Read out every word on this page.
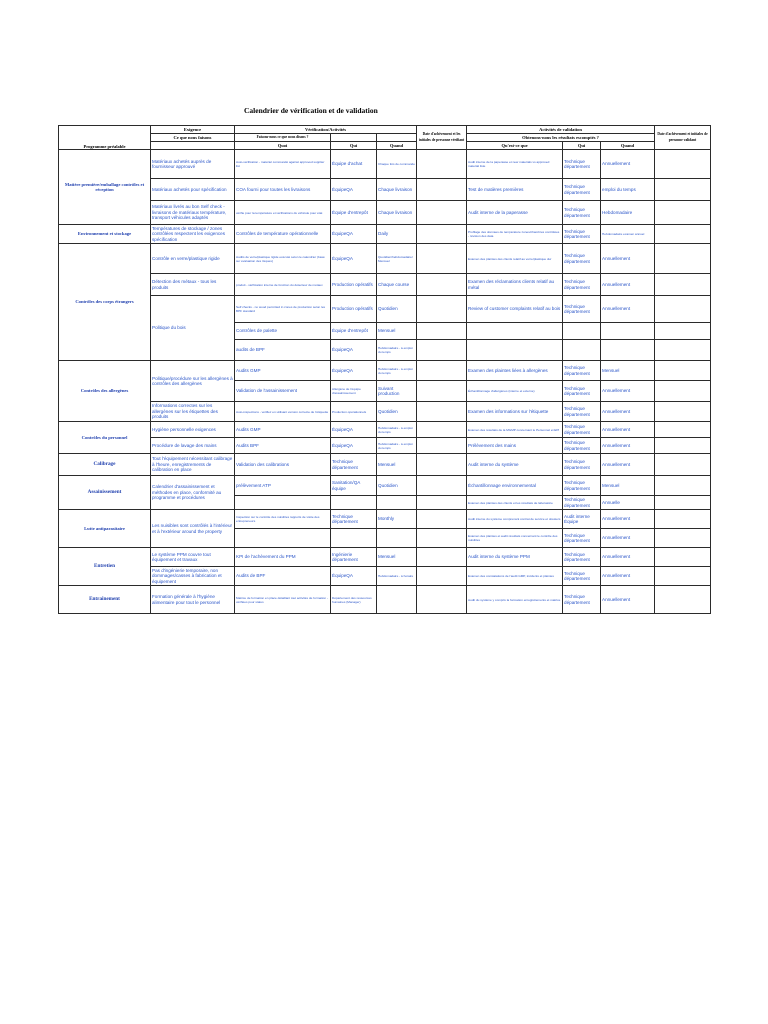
Calendrier de vérification et de validation
Programme préalable	Exigence	Vérification/Activités			Date d'achèvement et les initiales de personne vérifiant	Activités de validation			Date d'achèvement et initiales de personne validant
	Ce que nous faisons	Faisons-nous ce que nous disons ?				Obtenons-nous les résultats escomptés ?			
		Quoi	Qui	Quand		Qu'est-ce que	Qui	Quand	
Matière première/emballage contrôles et réception	Matériaux achetés auprès de fournisseur approuvé	Auto-vérification - matériel commandé against approved supplier list	Équipe d'achat	Chaque fois de commande		Audit interne de la paperasse et new materials vs approved material liste	Technique département	Annuellement	
	Matériaux achetés pour spécification	COA fourni pour toutes les livraisons	ÉquipeQA	Chaque livraison		Test de matières premières	Technique département	emploi du temps	
	Matériaux livrés au bon Self check - livraisons de matériaux température, transport véhicules adaptés	vérifie pour la température et vérifications du véhicule pour état	Équipe d'entrepôt	Chaque livraison		Audit interne de la paperasse	Technique département	Hebdomadaire	
Environnement et stockage	Températures de stockage / zones contrôlées respectent les exigences spécification	Contrôles de température opérationnelle	ÉquipeQA	Daily		Profilage des données de température zones/chambres contrôlées - révision des data	Technique département	Hebdomadaire examen annuel	
Contrôles des corps étrangers	Contrôle en verre/plastique rigide	Audits de verre/plastique rigide exécuté selon le calendrier (basé sur évaluation des risques)	ÉquipeQA	Quotidien/hebdomadaire/ Mensuel		Examen des plaintes des clients relatif au verre/plastique dur	Technique département	Annuellement	
	Détection des métaux - tous les produits	produit - vérification interne de fonction du détecteur de métaux	Production opératifs	Chaque course		Examen des réclamations clients relatif au métal	Technique département	Annuellement	
	Politique du bois	Self checks - no wood permitted in zones de production selon les BPF standard	Production opératifs	Quotidien		Review of customer complaints relatif au bois	Technique département	Annuellement	
		Contrôles de palette	Équipe d'entrepôt	Mensuel					
		audits de BPF	ÉquipeQA	Hebdomadaire - à emploi du temps					
Contrôles des allergènes	Politique/procédure sur les allergènes à contrôles des allergènes	Audits GMP	ÉquipeQA	Hebdomadaire - à emploi du temps		Examen des plaintes liées à allergènes	Technique département	Mensuel	
		Validation de l'assainissement	Allergène de l'équipe d'assainissement	Suivant production		Échantillonnage d'allergènes (interne et externe)	Technique département	Annuellement	
	Informations correctes sur les allergènes sur les étiquettes des produits	Auto-inspections - vérifiez en utilisant version correcte de l'étiquette	Production opérationnels	Quotidien		Examen des informations sur l'étiquette	Technique département	Annuellement	
Contrôles du personnel	Hygiène personnelle exigences	Audits GMP	ÉquipeQA	Hebdomadaire - à emploi du temps		Examen des résultats de la MGMP concernant le Personnel et EPI	Technique département	Annuellement	
	Procédure de lavage des mains	Audits BPF	ÉquipeQA	Hebdomadaire - à emploi du temps		Prélèvement des mains	Technique département	Annuellement	
Calibrage	Tout l'équipement nécessitant calibrage à l'heure, enregistrements de calibration en place	Validation des calibrations	Technique département	Mensuel		Audit interne du système	Technique département	Annuellement	
Assainissement	Calendrier d'assainissement et méthodes en place, conformité au programme et procédures	prélèvement ATP	Sanitation/QA équipe	Quotidien		Échantillonnage environnemental	Technique département	Mensuel	
						Examen des plaintes des clients et les résultats de laboratoire	Technique département	Annuelle	
Lutte antiparasitaire	Les nuisibles sont contrôlés à l'intérieur et à l'extérieur around the property	Inspection sur le contrôle des nuisibles rapports de visite des entrepreneurs	Technique département	Monthly		Audit interne du système comprenant contrat de service et dossiers	Audit interne Équipe	Annuellement	
						Examen des plaintes et audit résultats concernant le contrôle des nuisibles	Technique département	Annuellement	
Entretien	Le système PPM couvre tout équipement et travaux	KPI de l'achèvement du PPM	Ingénierie département	Mensuel		Audit interne du système PPM	Technique département	Annuellement	
	Pas d'ingénierie temporaire, non dommages/casses à fabrication et équipement	Audits de BPF	ÉquipeQA	Hebdomadaire - à horaire		Examen des constatations de l'audit GMP, incidents et plaintes	Technique département	Annuellement	
Entraînement	Formation générale à l'hygiène alimentaire pour tout le personnel	Matrice de formation en place détaillant tout activités de formation - vérifiées pour status	Département des ressources humaines (Manager)			Audit du système y compris la formation enregistrements et matrice	Technique département	Annuellement	
